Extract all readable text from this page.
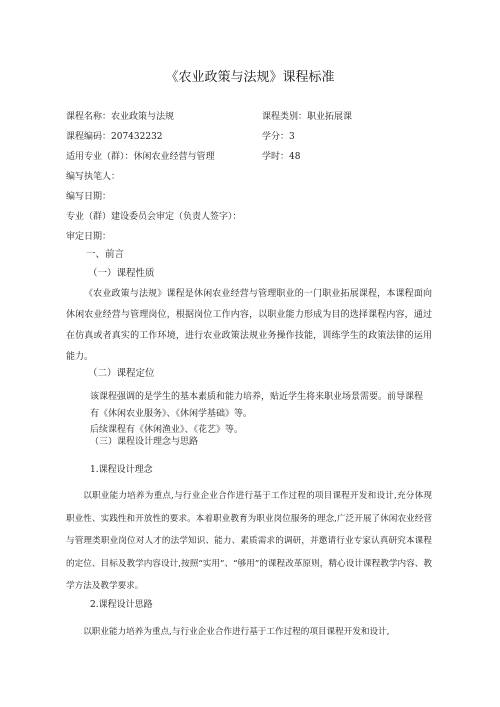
《农业政策与法规》课程标准
课程名称：农业政策与法规	课程类别：职业拓展课
课程编码：207432232	学分：3
适用专业（群）：休闲农业经营与管理	学时：48
编写执笔人：
编写日期：
专业（群）建设委员会审定（负责人签字）：
审定日期：
一、前言
（一）课程性质
《农业政策与法规》课程是休闲农业经营与管理职业的一门职业拓展课程，本课程面向休闲农业经营与管理岗位，根据岗位工作内容，以职业能力形成为目的选择课程内容，通过在仿真或者真实的工作环境，进行农业政策法规业务操作技能，训练学生的政策法律的运用能力。
（二）课程定位
该课程强调的是学生的基本素质和能力培养，贴近学生将来职业场景需要。前导课程有《休闲农业服务》、《休闲学基础》等。
后续课程有《休闲渔业》、《花艺》等。
（三）课程设计理念与思路
1.课程设计理念
以职业能力培养为重点,与行业企业合作进行基于工作过程的项目课程开发和设计,充分体现职业性、实践性和开放性的要求。本着职业教育为职业岗位服务的理念,广泛开展了休闲农业经营与管理类职业岗位对人才的法学知识、能力、素质需求的调研，并邀请行业专家认真研究本课程的定位、目标及教学内容设计,按照“实用”、“够用”的课程改革原则，精心设计课程教学内容、教学方法及教学要求。
2.课程设计思路
以职业能力培养为重点,与行业企业合作进行基于工作过程的项目课程开发和设计,
